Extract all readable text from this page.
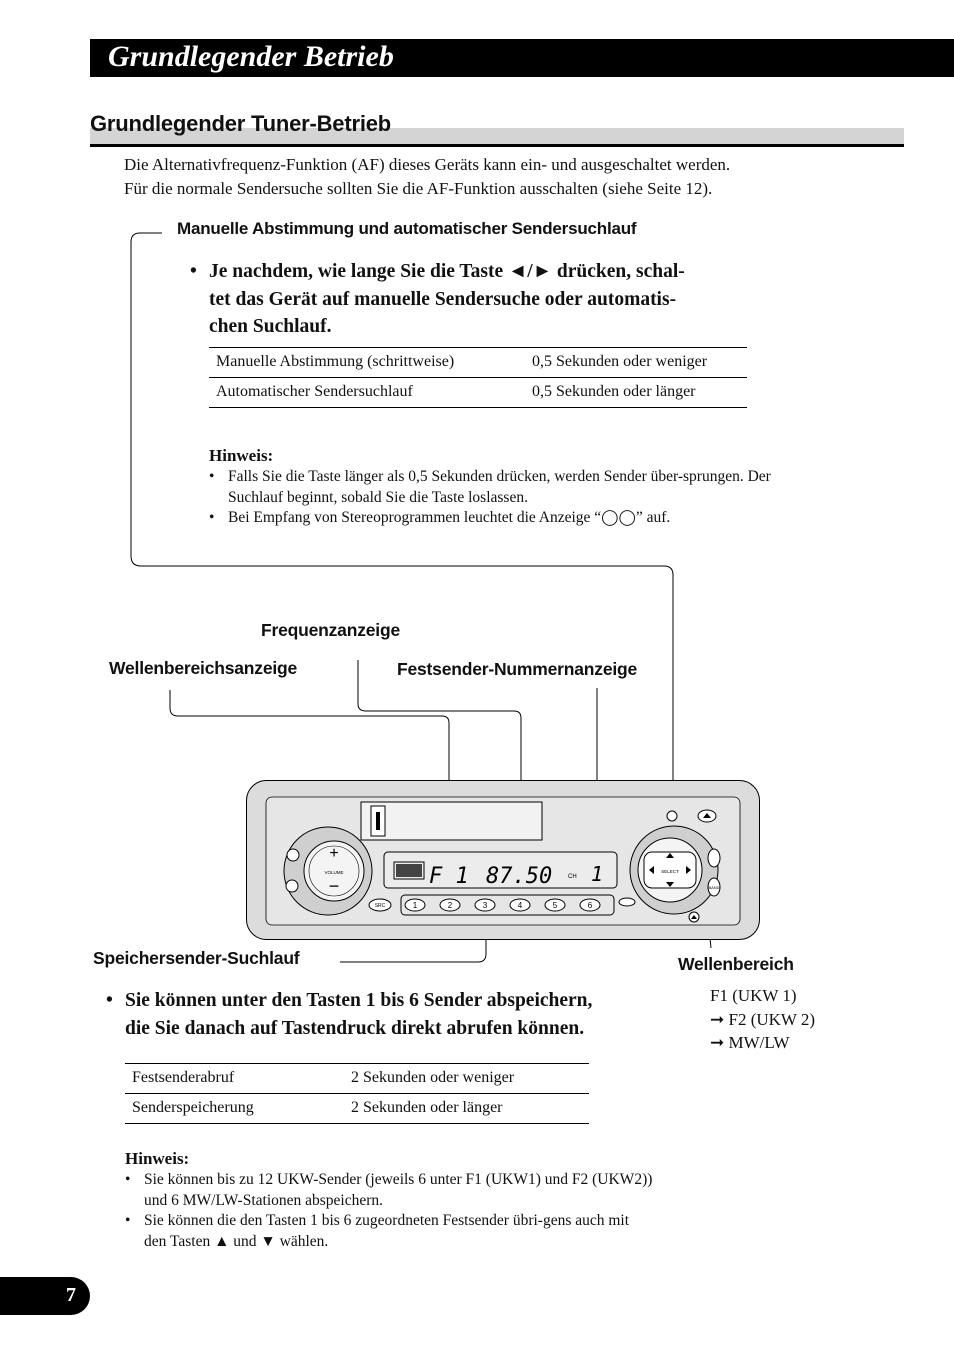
Grundlegender Betrieb
Grundlegender Tuner-Betrieb
Die Alternativfrequenz-Funktion (AF) dieses Geräts kann ein- und ausgeschaltet werden.
Für die normale Sendersuche sollten Sie die AF-Funktion ausschalten (siehe Seite 12).
Manuelle Abstimmung und automatischer Sendersuchlauf
• Je nachdem, wie lange Sie die Taste ◄/► drücken, schal-
tet das Gerät auf manuelle Sendersuche oder automatis-
chen Suchlauf.
Manuelle Abstimmung (schrittweise)	0,5 Sekunden oder weniger
Automatischer Sendersuchlauf	0,5 Sekunden oder länger
Hinweis:
• Falls Sie die Taste länger als 0,5 Sekunden drücken, werden Sender über-sprungen. Der Suchlauf beginnt, sobald Sie die Taste loslassen.
• Bei Empfang von Stereoprogrammen leuchtet die Anzeige “◯◯” auf.
Frequenzanzeige
Wellenbereichsanzeige	Festsender-Nummernanzeige
Speichersender-Suchlauf	Wellenbereich
F1 (UKW 1)
➞ F2 (UKW 2)
➞ MW/LW
+
−
VOLUME
SRC
F 1 87.50	CH 1
1	2	3	4	5	6
SELECT
BAND
• Sie können unter den Tasten 1 bis 6 Sender abspeichern,
die Sie danach auf Tastendruck direkt abrufen können.
Festsenderabruf	2 Sekunden oder weniger
Senderspeicherung	2 Sekunden oder länger
Hinweis:
• Sie können bis zu 12 UKW-Sender (jeweils 6 unter F1 (UKW1) und F2 (UKW2)) und 6 MW/LW-Stationen abspeichern.
• Sie können die den Tasten 1 bis 6 zugeordneten Festsender übri-gens auch mit den Tasten ▲ und ▼ wählen.
7
